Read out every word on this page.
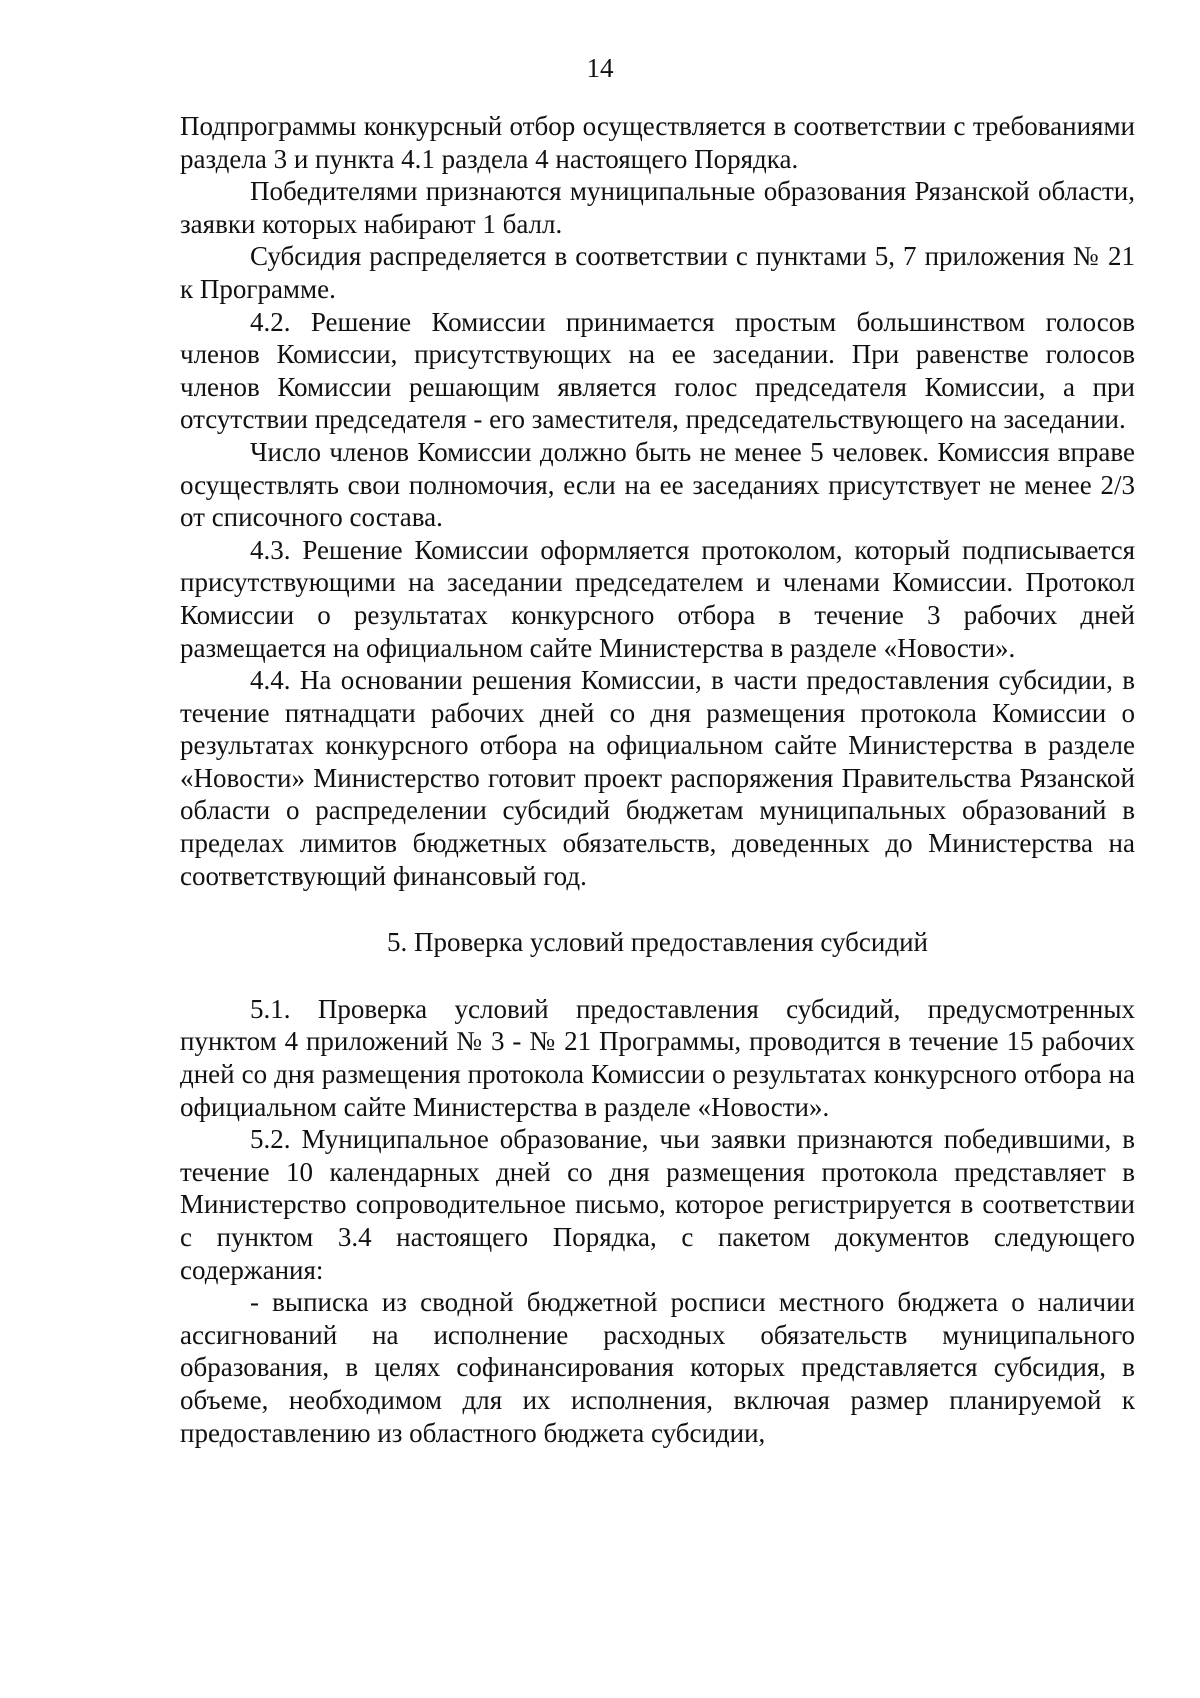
14

Подпрограммы конкурсный отбор осуществляется в соответствии с требованиями раздела 3 и пункта 4.1 раздела 4 настоящего Порядка.

Победителями признаются муниципальные образования Рязанской области, заявки которых набирают 1 балл.

Субсидия распределяется в соответствии с пунктами 5, 7 приложения № 21 к Программе.

4.2. Решение Комиссии принимается простым большинством голосов членов Комиссии, присутствующих на ее заседании. При равенстве голосов членов Комиссии решающим является голос председателя Комиссии, а при отсутствии председателя - его заместителя, председательствующего на заседании.

Число членов Комиссии должно быть не менее 5 человек. Комиссия вправе осуществлять свои полномочия, если на ее заседаниях присутствует не менее 2/3 от списочного состава.

4.3. Решение Комиссии оформляется протоколом, который подписывается присутствующими на заседании председателем и членами Комиссии. Протокол Комиссии о результатах конкурсного отбора в течение 3 рабочих дней размещается на официальном сайте Министерства в разделе «Новости».

4.4. На основании решения Комиссии, в части предоставления субсидии, в течение пятнадцати рабочих дней со дня размещения протокола Комиссии о результатах конкурсного отбора на официальном сайте Министерства в разделе «Новости» Министерство готовит проект распоряжения Правительства Рязанской области о распределении субсидий бюджетам муниципальных образований в пределах лимитов бюджетных обязательств, доведенных до Министерства на соответствующий финансовый год.

5. Проверка условий предоставления субсидий

5.1. Проверка условий предоставления субсидий, предусмотренных пунктом 4 приложений № 3 - № 21 Программы, проводится в течение 15 рабочих дней со дня размещения протокола Комиссии о результатах конкурсного отбора на официальном сайте Министерства в разделе «Новости».

5.2. Муниципальное образование, чьи заявки признаются победившими, в течение 10 календарных дней со дня размещения протокола представляет в Министерство сопроводительное письмо, которое регистрируется в соответствии с пунктом 3.4 настоящего Порядка, с пакетом документов следующего содержания:

- выписка из сводной бюджетной росписи местного бюджета о наличии ассигнований на исполнение расходных обязательств муниципального образования, в целях софинансирования которых представляется субсидия, в объеме, необходимом для их исполнения, включая размер планируемой к предоставлению из областного бюджета субсидии,
